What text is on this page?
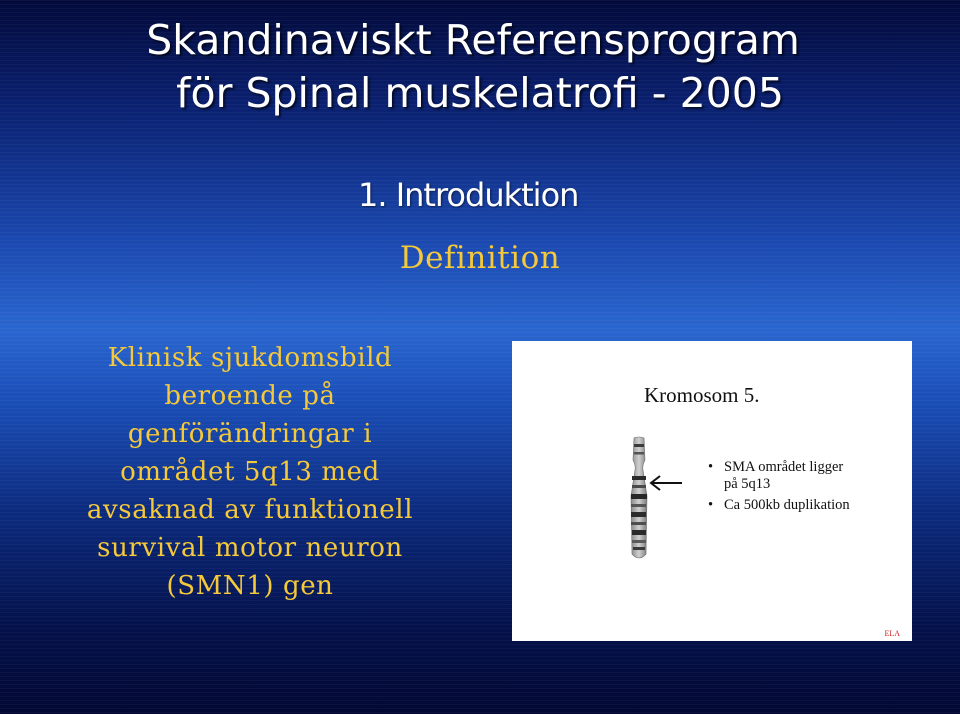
Skandinaviskt Referensprogram
för Spinal muskelatrofi - 2005
1. Introduktion
Definition
Klinisk sjukdomsbild
beroende på
genförändringar i
området 5q13 med
avsaknad av funktionell
survival motor neuron
(SMN1) gen
Kromosom 5.
• SMA området ligger
på 5q13
• Ca 500kb duplikation
ELA
